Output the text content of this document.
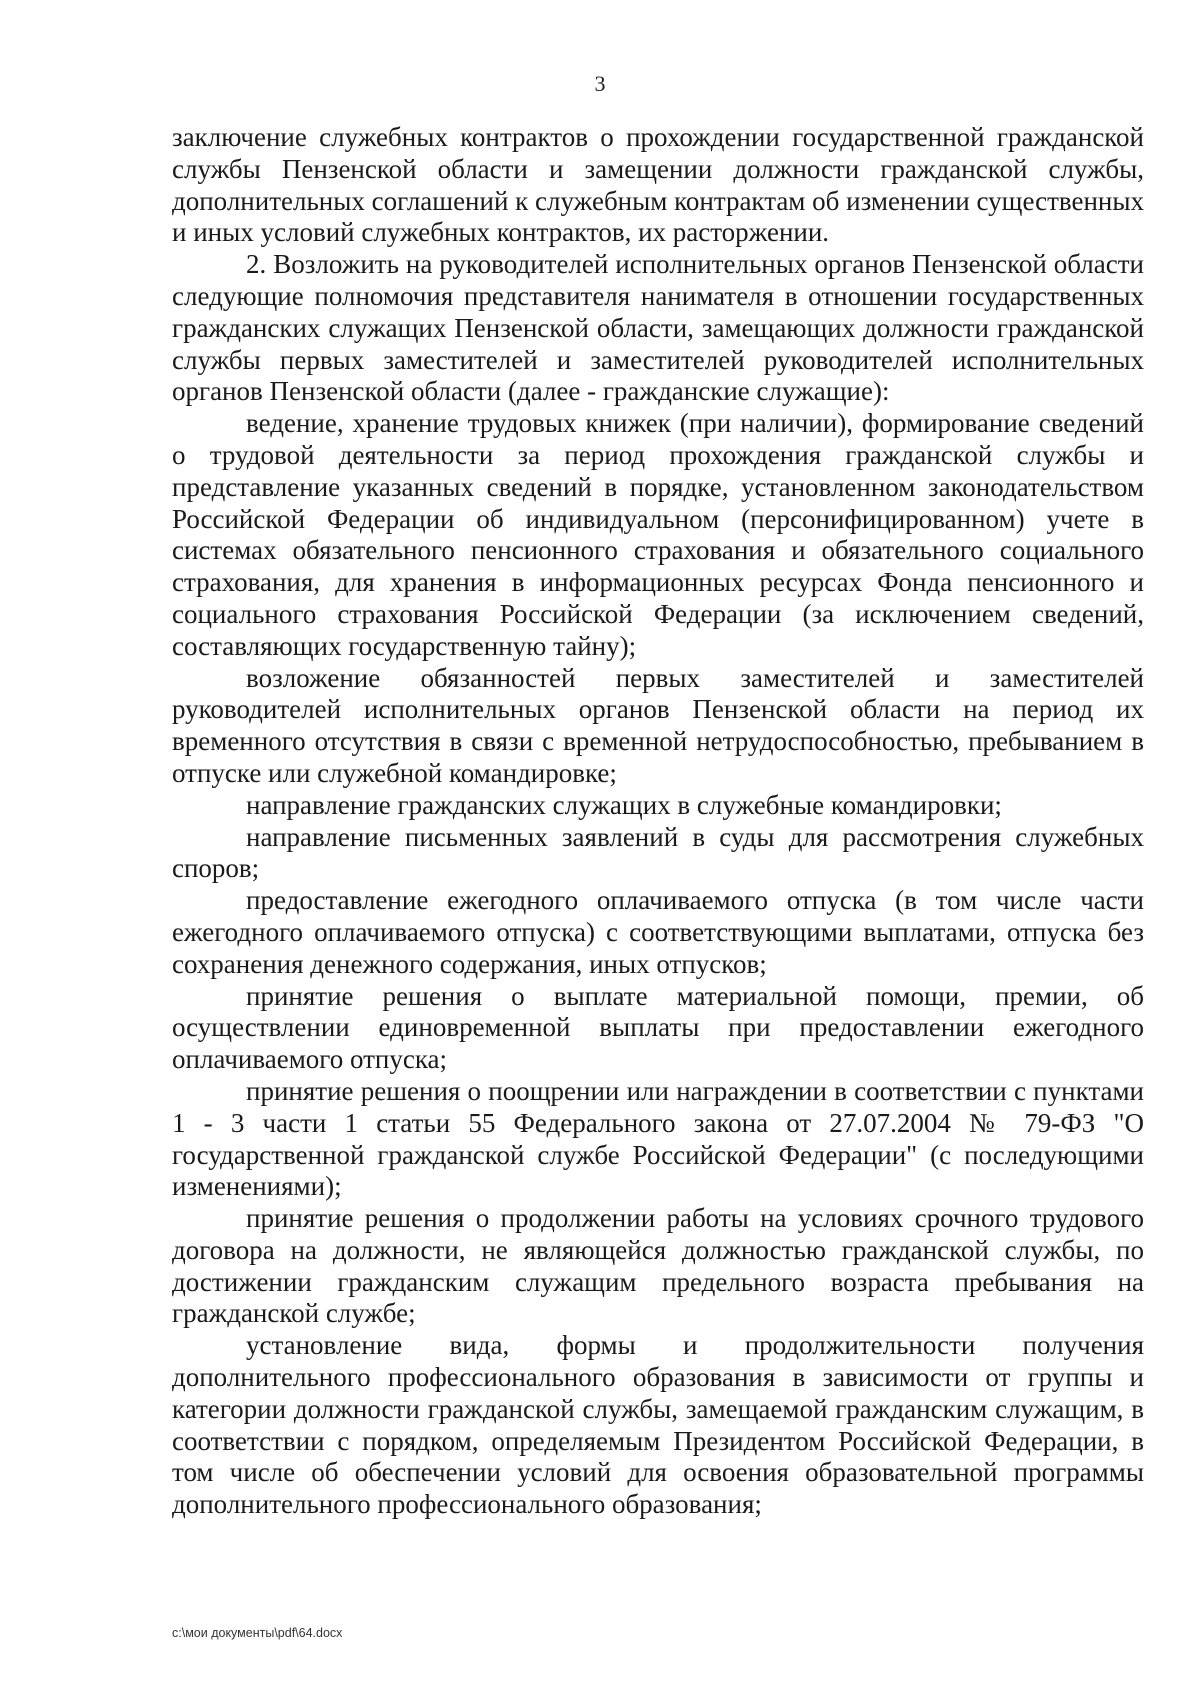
3

заключение служебных контрактов о прохождении государственной гражданской службы Пензенской области и замещении должности гражданской службы, дополнительных соглашений к служебным контрактам об изменении существенных и иных условий служебных контрактов, их расторжении.

2. Возложить на руководителей исполнительных органов Пензенской области следующие полномочия представителя нанимателя в отношении государственных гражданских служащих Пензенской области, замещающих должности гражданской службы первых заместителей и заместителей руководителей исполнительных органов Пензенской области (далее - гражданские служащие):

ведение, хранение трудовых книжек (при наличии), формирование сведений о трудовой деятельности за период прохождения гражданской службы и представление указанных сведений в порядке, установленном законодательством Российской Федерации об индивидуальном (персонифицированном) учете в системах обязательного пенсионного страхования и обязательного социального страхования, для хранения в информационных ресурсах Фонда пенсионного и социального страхования Российской Федерации (за исключением сведений, составляющих государственную тайну);

возложение обязанностей первых заместителей и заместителей руководителей исполнительных органов Пензенской области на период их временного отсутствия в связи с временной нетрудоспособностью, пребыванием в отпуске или служебной командировке;

направление гражданских служащих в служебные командировки;

направление письменных заявлений в суды для рассмотрения служебных споров;

предоставление ежегодного оплачиваемого отпуска (в том числе части ежегодного оплачиваемого отпуска) с соответствующими выплатами, отпуска без сохранения денежного содержания, иных отпусков;

принятие решения о выплате материальной помощи, премии, об осуществлении единовременной выплаты при предоставлении ежегодного оплачиваемого отпуска;

принятие решения о поощрении или награждении в соответствии с пунктами 1 - 3 части 1 статьи 55 Федерального закона от 27.07.2004 № 79-ФЗ "О государственной гражданской службе Российской Федерации" (с последующими изменениями);

принятие решения о продолжении работы на условиях срочного трудового договора на должности, не являющейся должностью гражданской службы, по достижении гражданским служащим предельного возраста пребывания на гражданской службе;

установление вида, формы и продолжительности получения дополнительного профессионального образования в зависимости от группы и категории должности гражданской службы, замещаемой гражданским служащим, в соответствии с порядком, определяемым Президентом Российской Федерации, в том числе об обеспечении условий для освоения образовательной программы дополнительного профессионального образования;

c:\мои документы\pdf\64.docx
